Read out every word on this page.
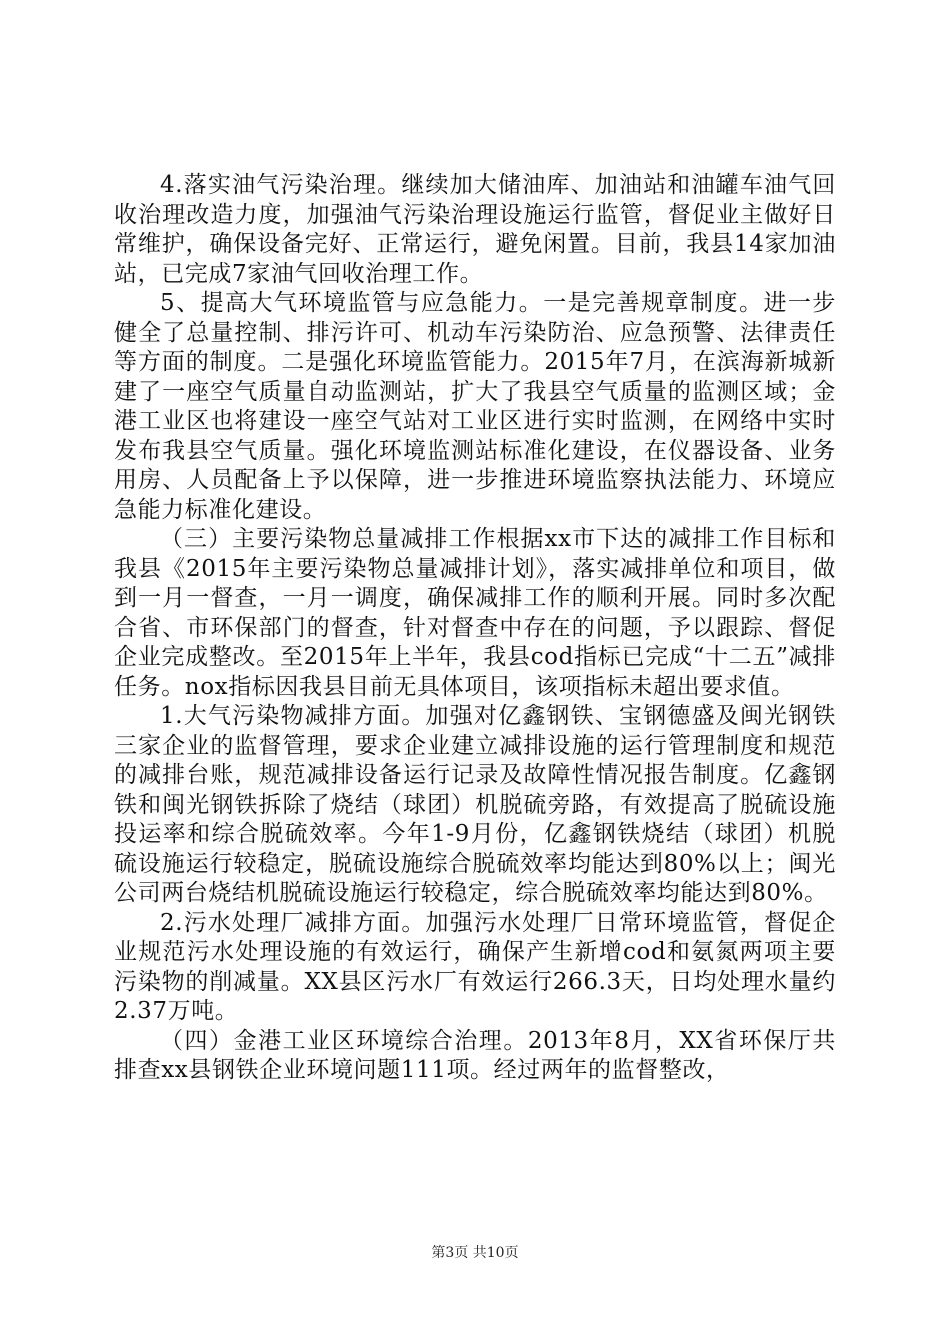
4.落实油气污染治理。继续加大储油库、加油站和油罐车油气回收治理改造力度，加强油气污染治理设施运行监管，督促业主做好日常维护，确保设备完好、正常运行，避免闲置。目前，我县14家加油站，已完成7家油气回收治理工作。

5、提高大气环境监管与应急能力。一是完善规章制度。进一步健全了总量控制、排污许可、机动车污染防治、应急预警、法律责任等方面的制度。二是强化环境监管能力。2015年7月，在滨海新城新建了一座空气质量自动监测站，扩大了我县空气质量的监测区域；金港工业区也将建设一座空气站对工业区进行实时监测，在网络中实时发布我县空气质量。强化环境监测站标准化建设，在仪器设备、业务用房、人员配备上予以保障，进一步推进环境监察执法能力、环境应急能力标准化建设。

（三）主要污染物总量减排工作根据xx市下达的减排工作目标和我县《2015年主要污染物总量减排计划》，落实减排单位和项目，做到一月一督查，一月一调度，确保减排工作的顺利开展。同时多次配合省、市环保部门的督查，针对督查中存在的问题，予以跟踪、督促企业完成整改。至2015年上半年，我县cod指标已完成“十二五”减排任务。nox指标因我县目前无具体项目，该项指标未超出要求值。

1.大气污染物减排方面。加强对亿鑫钢铁、宝钢德盛及闽光钢铁三家企业的监督管理，要求企业建立减排设施的运行管理制度和规范的减排台账，规范减排设备运行记录及故障性情况报告制度。亿鑫钢铁和闽光钢铁拆除了烧结（球团）机脱硫旁路，有效提高了脱硫设施投运率和综合脱硫效率。今年1-9月份，亿鑫钢铁烧结（球团）机脱硫设施运行较稳定，脱硫设施综合脱硫效率均能达到80%以上；闽光公司两台烧结机脱硫设施运行较稳定，综合脱硫效率均能达到80%。

2.污水处理厂减排方面。加强污水处理厂日常环境监管，督促企业规范污水处理设施的有效运行，确保产生新增cod和氨氮两项主要污染物的削减量。XX县区污水厂有效运行266.3天，日均处理水量约2.37万吨。

（四）金港工业区环境综合治理。2013年8月，XX省环保厅共排查xx县钢铁企业环境问题111项。经过两年的监督整改，

第3页 共10页
